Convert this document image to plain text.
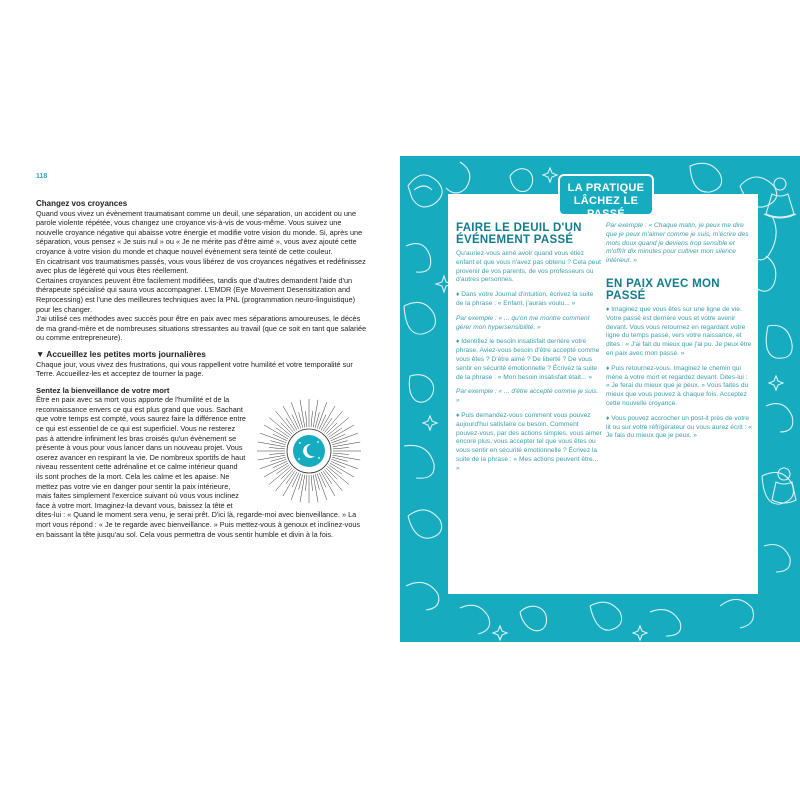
118
Changez vos croyances

Quand vous vivez un évènement traumatisant comme un deuil, une séparation, un accident ou une parole violente répétée, vous changez une croyance vis-à-vis de vous-même. Vous suivez une nouvelle croyance négative qui abaisse votre énergie et modifie votre vision du monde. Si, après une séparation, vous pensez « Je suis nul » ou « Je ne mérite pas d'être aimé », vous avez ajouté cette croyance à votre vision du monde et chaque nouvel évènement sera teinté de cette couleur.

En cicatrisant vos traumatismes passés, vous vous libérez de vos croyances négatives et redéfinissez avec plus de légèreté qui vous êtes réellement.

Certaines croyances peuvent être facilement modifiées, tandis que d'autres demandent l'aide d'un thérapeute spécialisé qui saura vous accompagner. L'EMDR (Eye Movement Desensitization and Reprocessing) est l'une des meilleures techniques avec la PNL (programmation neuro-linguistique) pour les changer.

J'ai utilisé ces méthodes avec succès pour être en paix avec mes séparations amoureuses, le décès de ma grand-mère et de nombreuses situations stressantes au travail (que ce soit en tant que salariée ou comme entrepreneure).

▼ Accueillez les petites morts journalières

Chaque jour, vous vivez des frustrations, qui vous rappellent votre humilité et votre temporalité sur Terre. Accueillez-les et acceptez de tourner la page.

Sentez la bienveillance de votre mort

Être en paix avec sa mort vous apporte de l'humilité et de la reconnaissance envers ce qui est plus grand que vous. Sachant que votre temps est compté, vous saurez faire la différence entre ce qui est essentiel de ce qui est superficiel. Vous ne resterez pas à attendre infiniment les bras croisés qu'un évènement se présente à vous pour vous lancer dans un nouveau projet. Vous oserez avancer en respirant la vie. De nombreux sportifs de haut niveau ressentent cette adrénaline et ce calme intérieur quand ils sont proches de la mort. Cela les calme et les apaise. Ne mettez pas votre vie en danger pour sentir la paix intérieure, mais faites simplement l'exercice suivant où vous vous inclinez face à votre mort. Imaginez-la devant vous, baissez la tête et dites-lui : « Quand le moment sera venu, je serai prêt. D'ici là, regarde-moi avec bienveillance. » La mort vous répond : « Je te regarde avec bienveillance. » Puis mettez-vous à genoux et inclinez-vous en baissant la tête jusqu'au sol. Cela vous permettra de vous sentir humble et divin à la fois.

FAIRE LE DEUIL D'UN ÉVÉNEMENT PASSÉ

Qu'auriez-vous aimé avoir quand vous étiez enfant et que vous n'avez pas obtenu ? Cela peut provenir de vos parents, de vos professeurs ou d'autres personnes.

♦ Dans votre Journal d'intuition, écrivez la suite de la phrase : « Enfant, j'aurais voulu... »

Par exemple : « ... qu'on me montre comment gérer mon hypersensibilité. »

♦ Identifiez le besoin insatisfait derrière votre phrase. Aviez-vous besoin d'être accepté comme vous êtes ? D'être aimé ? De liberté ? De vous sentir en sécurité émotionnelle ? Écrivez la suite de la phrase : « Mon besoin insatisfait était... »

Par exemple : « ... d'être accepté comme je suis. »

♦ Puis demandez-vous comment vous pouvez aujourd'hui satisfaire ce besoin. Comment pouvez-vous, par des actions simples, vous aimer encore plus, vous accepter tel que vous êtes ou vous sentir en sécurité émotionnelle ? Écrivez la suite de la phrase : « Mes actions peuvent être... »

Par exemple : « Chaque matin, je peux me dire que je peux m'aimer comme je suis, m'écrire des mots doux quand je deviens trop sensible et m'offrir dix minutes pour cultiver mon silence intérieur. »

EN PAIX AVEC MON PASSÉ

♦ Imaginez que vous êtes sur une ligne de vie. Votre passé est derrière vous et votre avenir devant. Vous vous retournez en regardant votre ligne du temps passé, vers votre naissance, et dites : « J'ai fait du mieux que j'ai pu. Je peux être en paix avec mon passé. »

♦ Puis retournez-vous. Imaginez le chemin qui mène à votre mort et regardez devant. Dites-lui : « Je ferai du mieux que je peux. » Vous faites du mieux que vous pouvez à chaque fois. Acceptez cette nouvelle croyance.

♦ Vous pouvez accrocher un post-it près de votre lit ou sur votre réfrigérateur ou vous aurez écrit : « Je fais du mieux que je peux. »

LA PRATIQUE
LÂCHEZ LE PASSÉ
